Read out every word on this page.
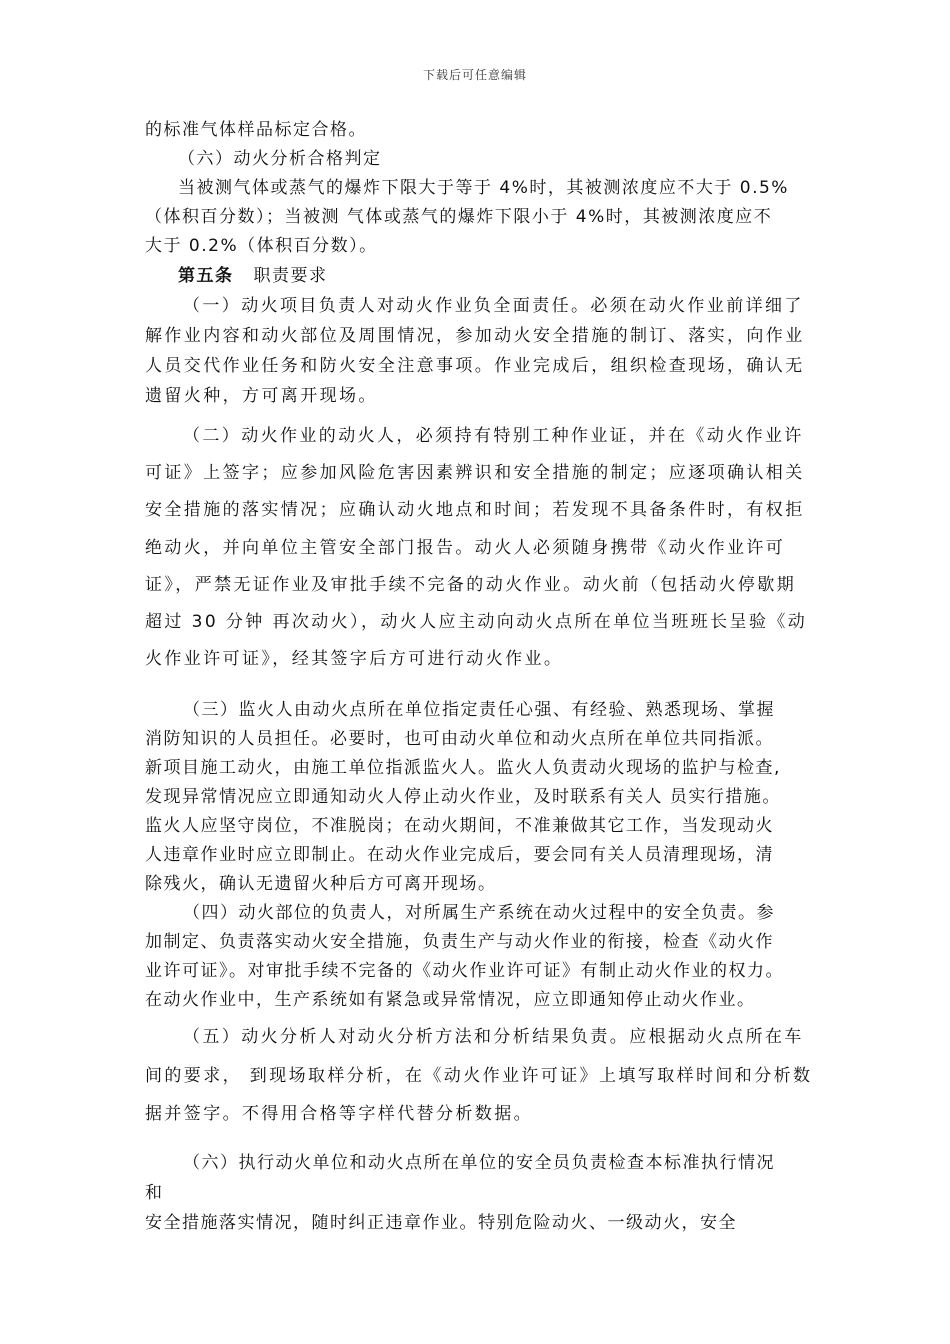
下载后可任意编辑
的标准气体样品标定合格。
（六）动火分析合格判定
当被测气体或蒸气的爆炸下限大于等于 4%时，其被测浓度应不大于 0.5%
（体积百分数）；当被测 气体或蒸气的爆炸下限小于 4%时，其被测浓度应不
大于 0.2%（体积百分数）。
第五条 职责要求
（一）动火项目负责人对动火作业负全面责任。必须在动火作业前详细了
解作业内容和动火部位及周围情况，参加动火安全措施的制订、落实，向作业
人员交代作业任务和防火安全注意事项。作业完成后，组织检查现场，确认无
遗留火种，方可离开现场。
（二）动火作业的动火人，必须持有特别工种作业证，并在《动火作业许
可证》上签字；应参加风险危害因素辨识和安全措施的制定；应逐项确认相关
安全措施的落实情况；应确认动火地点和时间；若发现不具备条件时，有权拒
绝动火，并向单位主管安全部门报告。动火人必须随身携带《动火作业许可
证》，严禁无证作业及审批手续不完备的动火作业。动火前（包括动火停歇期
超过 30 分钟 再次动火），动火人应主动向动火点所在单位当班班长呈验《动
火作业许可证》，经其签字后方可进行动火作业。
（三）监火人由动火点所在单位指定责任心强、有经验、熟悉现场、掌握
消防知识的人员担任。必要时，也可由动火单位和动火点所在单位共同指派。
新项目施工动火，由施工单位指派监火人。监火人负责动火现场的监护与检查,
发现异常情况应立即通知动火人停止动火作业，及时联系有关人 员实行措施。
监火人应坚守岗位，不准脱岗；在动火期间，不准兼做其它工作，当发现动火
人违章作业时应立即制止。在动火作业完成后，要会同有关人员清理现场，清
除残火，确认无遗留火种后方可离开现场。
（四）动火部位的负责人，对所属生产系统在动火过程中的安全负责。参
加制定、负责落实动火安全措施，负责生产与动火作业的衔接，检查《动火作
业许可证》。对审批手续不完备的《动火作业许可证》有制止动火作业的权力。
在动火作业中，生产系统如有紧急或异常情况，应立即通知停止动火作业。
（五）动火分析人对动火分析方法和分析结果负责。应根据动火点所在车
间的要求， 到现场取样分析，在《动火作业许可证》上填写取样时间和分析数
据并签字。不得用合格等字样代替分析数据。
（六）执行动火单位和动火点所在单位的安全员负责检查本标准执行情况
和
安全措施落实情况，随时纠正违章作业。特别危险动火、一级动火，安全
